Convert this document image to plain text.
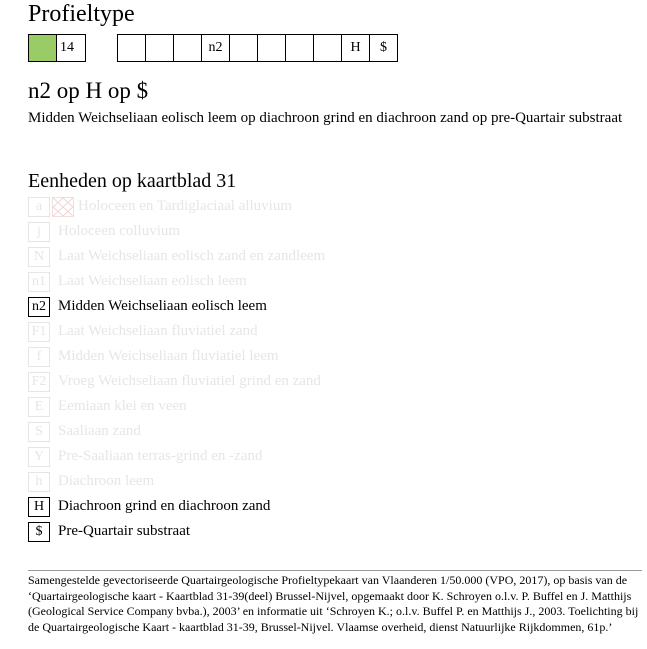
Profieltype
14	n2	H	$
n2 op H op $
Midden Weichseliaan eolisch leem op diachroon grind en diachroon zand op pre-Quartair substraat
Eenheden op kaartblad 31
a	Holoceen en Tardiglaciaal alluvium
j	Holoceen colluvium
N Laat Weichseliaan eolisch zand en zandleem
n1 Laat Weichseliaan eolisch leem
n2 Midden Weichseliaan eolisch leem
F1 Laat Weichseliaan fluviatiel zand
f	Midden Weichseliaan fluviatiel leem
F2 Vroeg Weichseliaan fluviatiel grind en zand
E Eemiaan klei en veen
S	Saaliaan zand
Y Pre-Saaliaan terras-grind en -zand
h	Diachroon leem
H Diachroon grind en diachroon zand
$	Pre-Quartair substraat
Samengestelde gevectoriseerde Quartairgeologische Profieltypekaart van Vlaanderen 1/50.000 (VPO, 2017), op basis van de ‘Quartairgeologische kaart - Kaartblad 31-39(deel) Brussel-Nijvel, opgemaakt door K. Schroyen o.l.v. P. Buffel en J. Matthijs (Geological Service Company bvba.), 2003’ en informatie uit ‘Schroyen K.; o.l.v. Buffel P. en Matthijs J., 2003. Toelichting bij de Quartairgeologische Kaart - kaartblad 31-39, Brussel-Nijvel. Vlaamse overheid, dienst Natuurlijke Rijkdommen, 61p.’
